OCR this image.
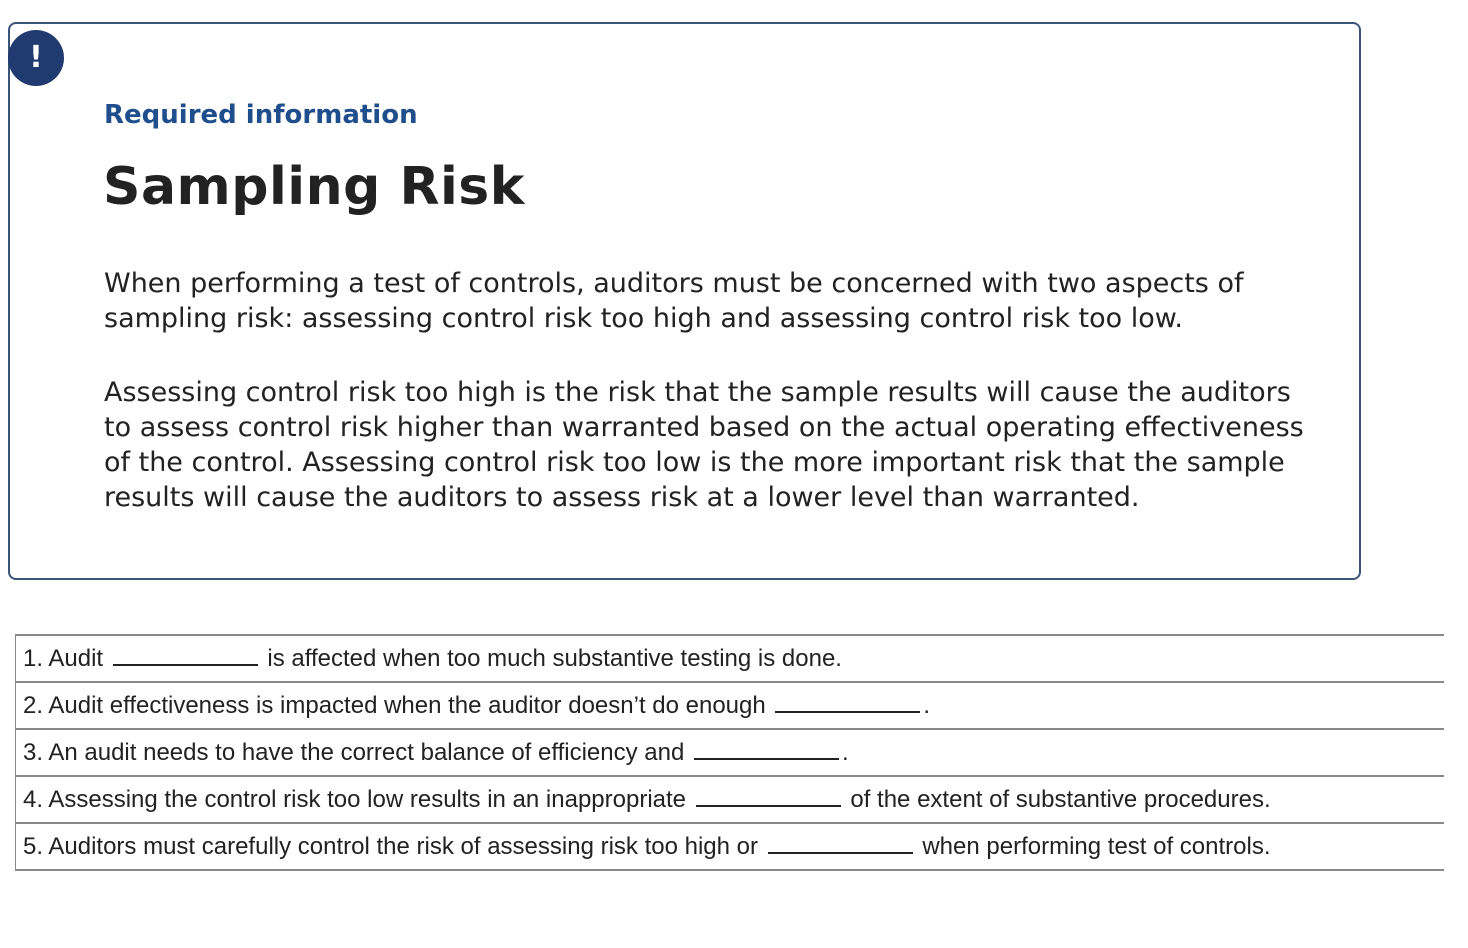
!
Required information
Sampling Risk

When performing a test of controls, auditors must be concerned with two aspects of sampling risk: assessing control risk too high and assessing control risk too low.

Assessing control risk too high is the risk that the sample results will cause the auditors to assess control risk higher than warranted based on the actual operating effectiveness of the control. Assessing control risk too low is the more important risk that the sample results will cause the auditors to assess risk at a lower level than warranted.

1. Audit	is affected when too much substantive testing is done.
2. Audit effectiveness is impacted when the auditor doesn’t do enough	.
3. An audit needs to have the correct balance of efficiency and	.
4. Assessing the control risk too low results in an inappropriate	of the extent of substantive procedures.
5. Auditors must carefully control the risk of assessing risk too high or	when performing test of controls.
